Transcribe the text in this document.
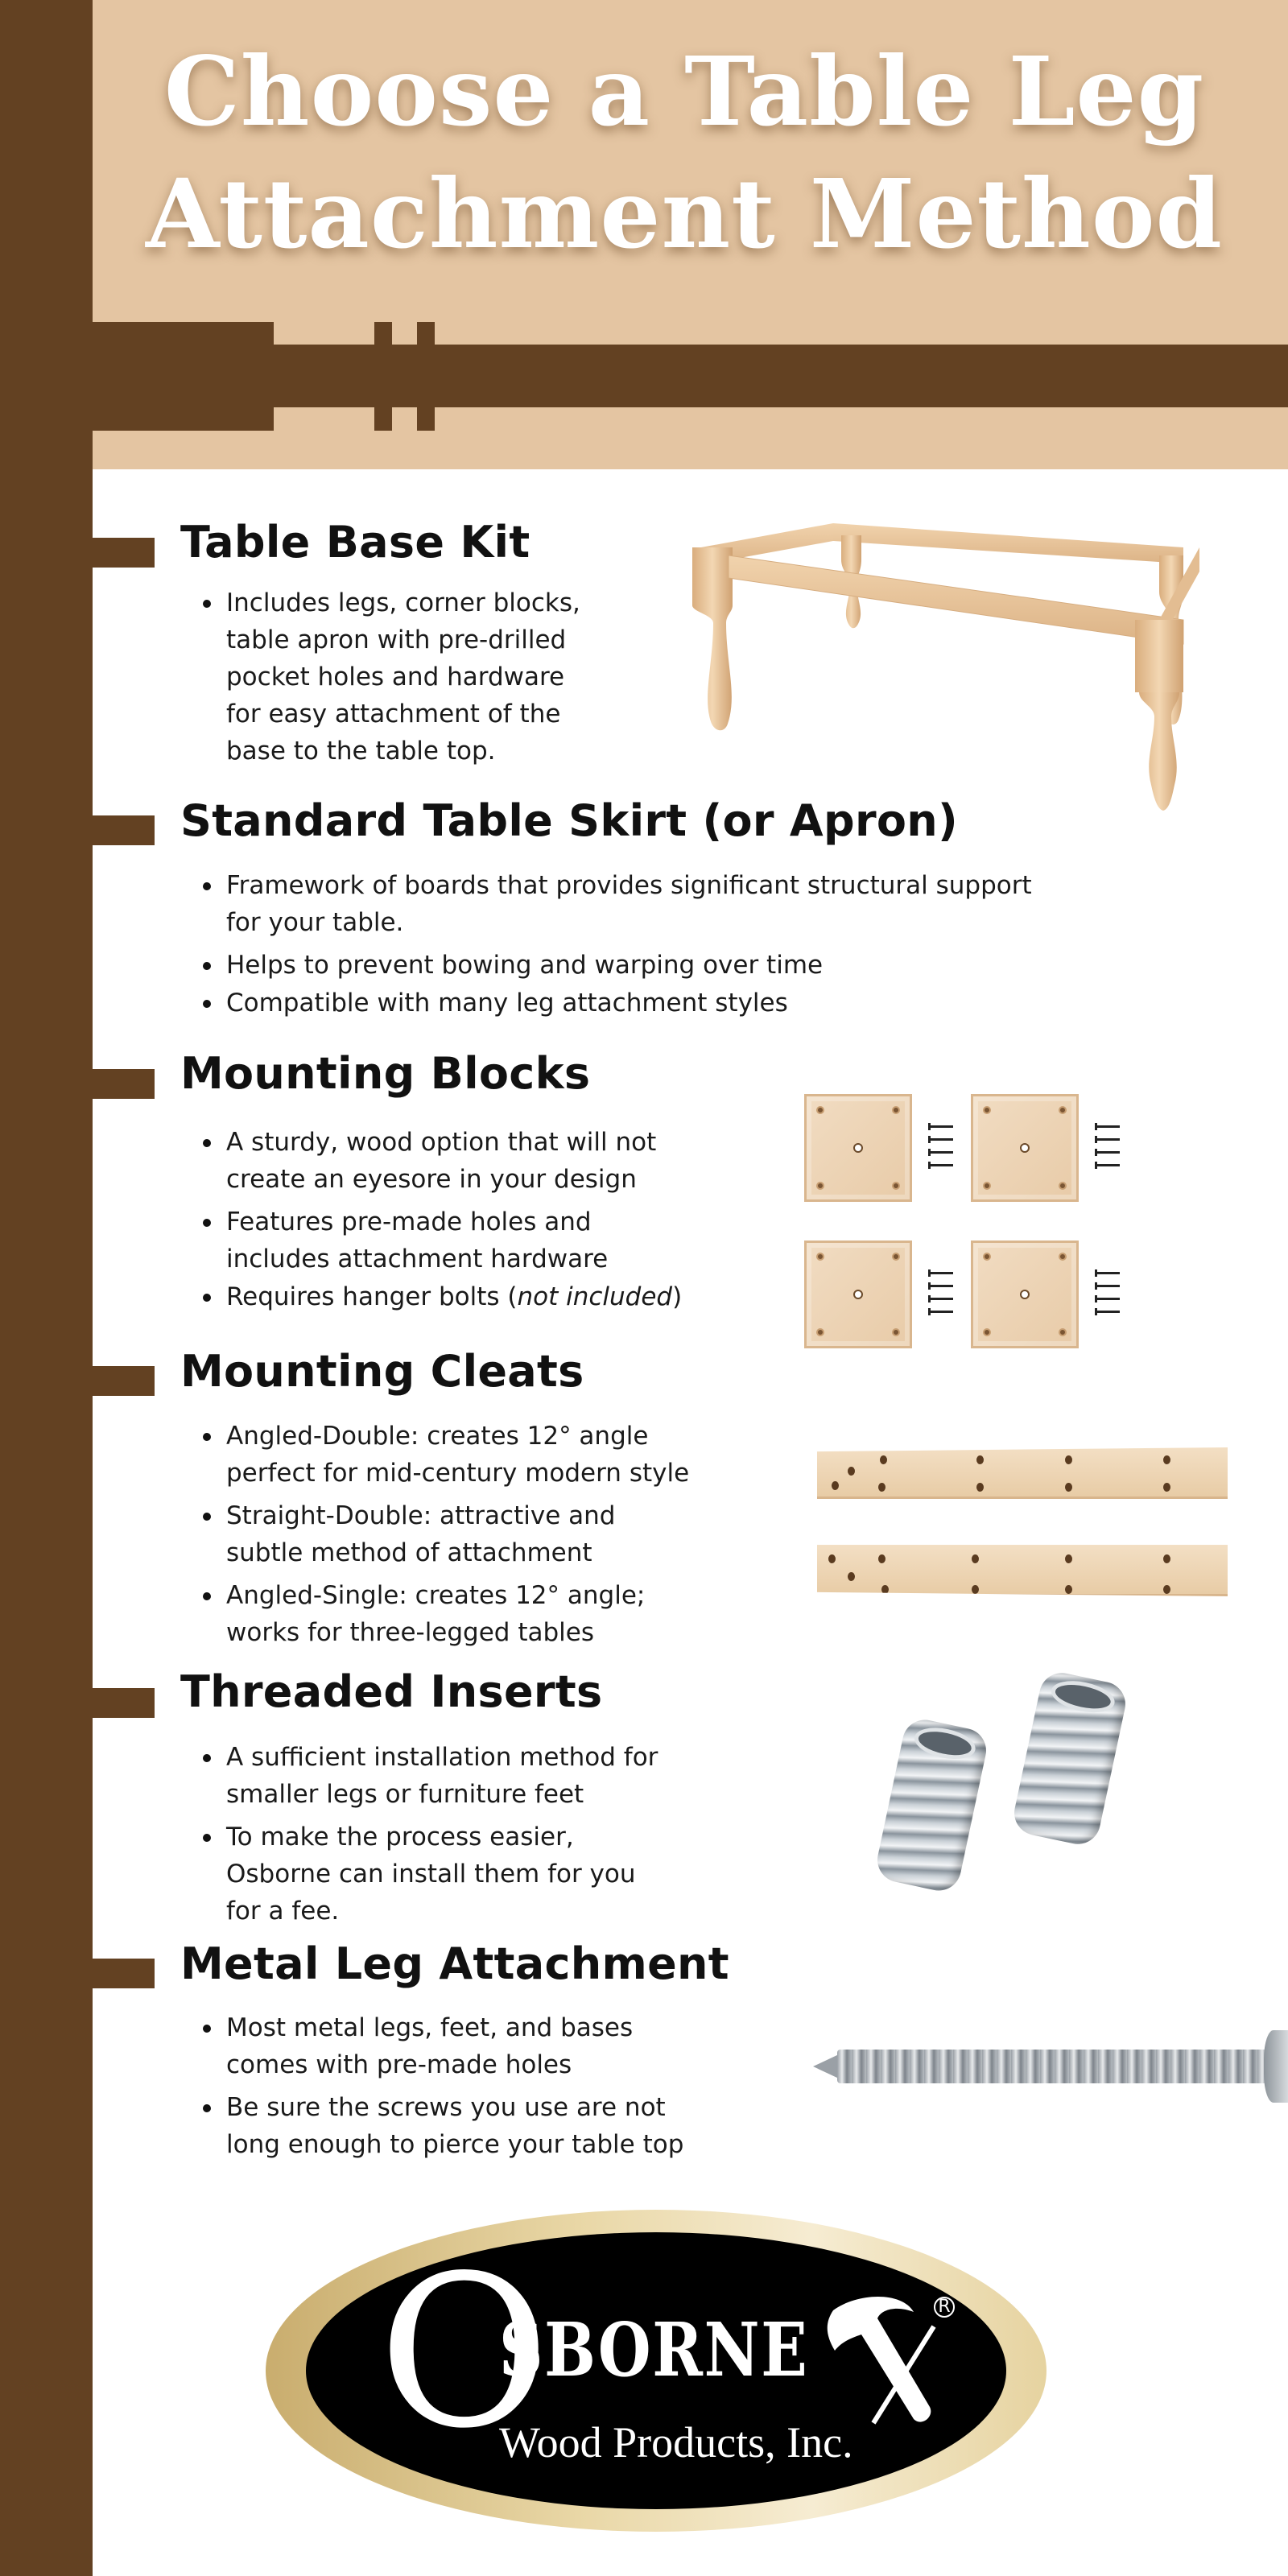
Choose a Table Leg
Attachment Method
Table Base Kit
Includes legs, corner blocks,
table apron with pre-drilled
pocket holes and hardware
for easy attachment of the
base to the table top.
Standard Table Skirt (or Apron)
Framework of boards that provides significant structural support
for your table.
Helps to prevent bowing and warping over time
Compatible with many leg attachment styles
Mounting Blocks
A sturdy, wood option that will not
create an eyesore in your design
Features pre-made holes and
includes attachment hardware
Requires hanger bolts (not included)
Mounting Cleats
Angled-Double: creates 12° angle
perfect for mid-century modern style
Straight-Double: attractive and
subtle method of attachment
Angled-Single: creates 12° angle;
works for three-legged tables
Threaded Inserts
A sufficient installation method for
smaller legs or furniture feet
To make the process easier,
Osborne can install them for you
for a fee.
Metal Leg Attachment
Most metal legs, feet, and bases
comes with pre-made holes
Be sure the screws you use are not
long enough to pierce your table top
O
SBORNE
Wood Products, Inc.
R
